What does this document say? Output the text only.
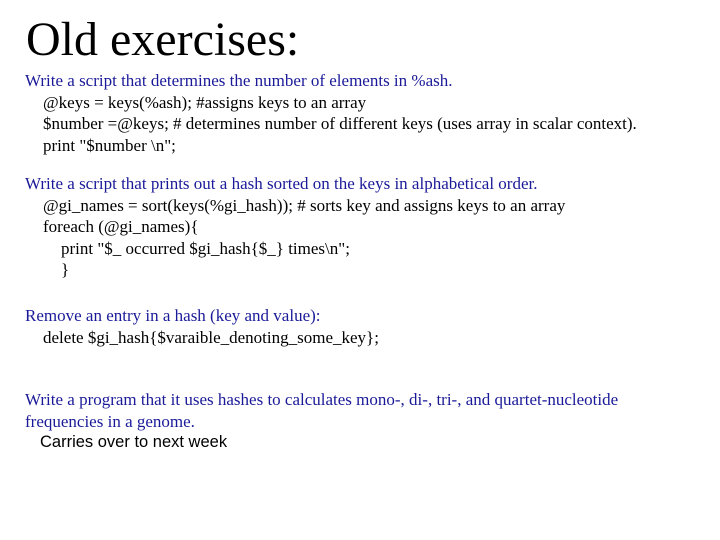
Old exercises:
Write a script that determines the number of elements in %ash.
@keys = keys(%ash); #assigns keys to an array
$number =@keys; # determines number of different keys (uses array in scalar context).
print "$number \n";
Write a script that prints out a hash sorted on the keys in alphabetical order.
@gi_names = sort(keys(%gi_hash)); # sorts key and assigns keys to an array
foreach (@gi_names){
print "$_ occurred $gi_hash{$_} times\n";
}
Remove an entry in a hash (key and value):
delete $gi_hash{$varaible_denoting_some_key};
Write a program that it uses hashes to calculates mono-, di-, tri-, and quartet-nucleotide frequencies in a genome.
Carries over to next week
